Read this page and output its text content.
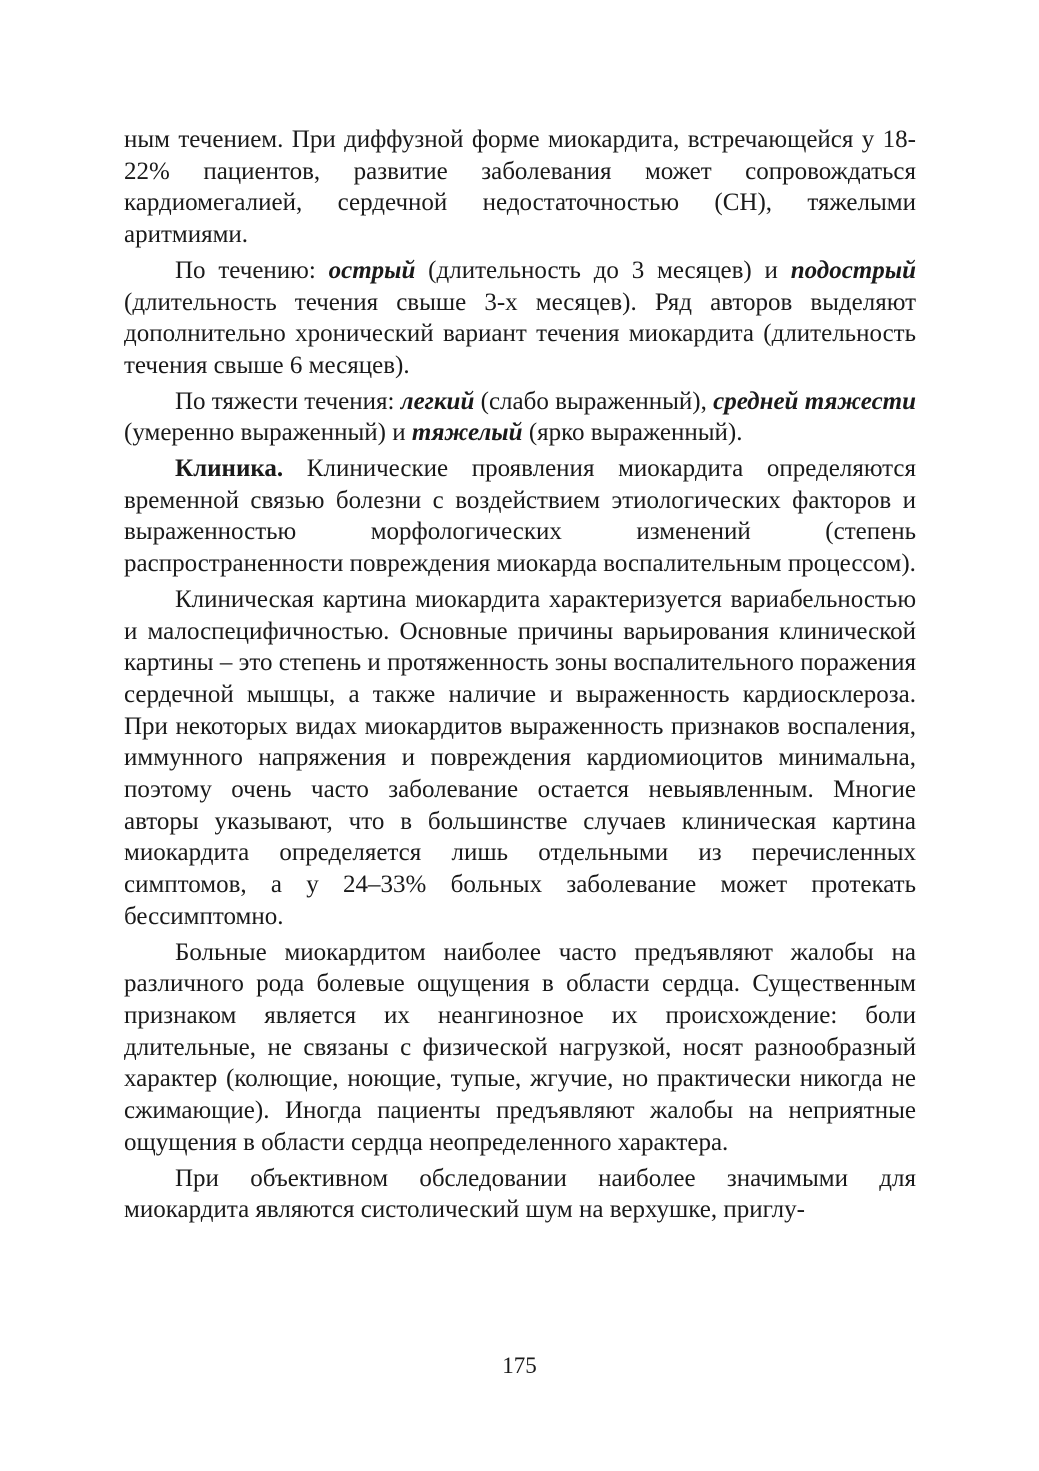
ным течением. При диффузной форме миокардита, встречающейся у 18-22% пациентов, развитие заболевания может сопровождаться кардиомегалией, сердечной недостаточностью (СН), тяжелыми аритмиями.

По течению: острый (длительность до 3 месяцев) и подострый (длительность течения свыше 3-х месяцев). Ряд авторов выделяют дополнительно хронический вариант течения миокардита (длительность течения свыше 6 месяцев).

По тяжести течения: легкий (слабо выраженный), средней тяжести (умеренно выраженный) и тяжелый (ярко выраженный).

Клиника. Клинические проявления миокардита определяются временной связью болезни с воздействием этиологических факторов и выраженностью морфологических изменений (степень распространенности повреждения миокарда воспалительным процессом).

Клиническая картина миокардита характеризуется вариабельностью и малоспецифичностью. Основные причины варьирования клинической картины – это степень и протяженность зоны воспалительного поражения сердечной мышцы, а также наличие и выраженность кардиосклероза. При некоторых видах миокардитов выраженность признаков воспаления, иммунного напряжения и повреждения кардиомиоцитов минимальна, поэтому очень часто заболевание остается невыявленным. Многие авторы указывают, что в большинстве случаев клиническая картина миокардита определяется лишь отдельными из перечисленных симптомов, а у 24–33% больных заболевание может протекать бессимптомно.

Больные миокардитом наиболее часто предъявляют жалобы на различного рода болевые ощущения в области сердца. Существенным признаком является их неангинозное их происхождение: боли длительные, не связаны с физической нагрузкой, носят разнообразный характер (колющие, ноющие, тупые, жгучие, но практически никогда не сжимающие). Иногда пациенты предъявляют жалобы на неприятные ощущения в области сердца неопределенного характера.

При объективном обследовании наиболее значимыми для миокардита являются систолический шум на верхушке, приглу-

175
